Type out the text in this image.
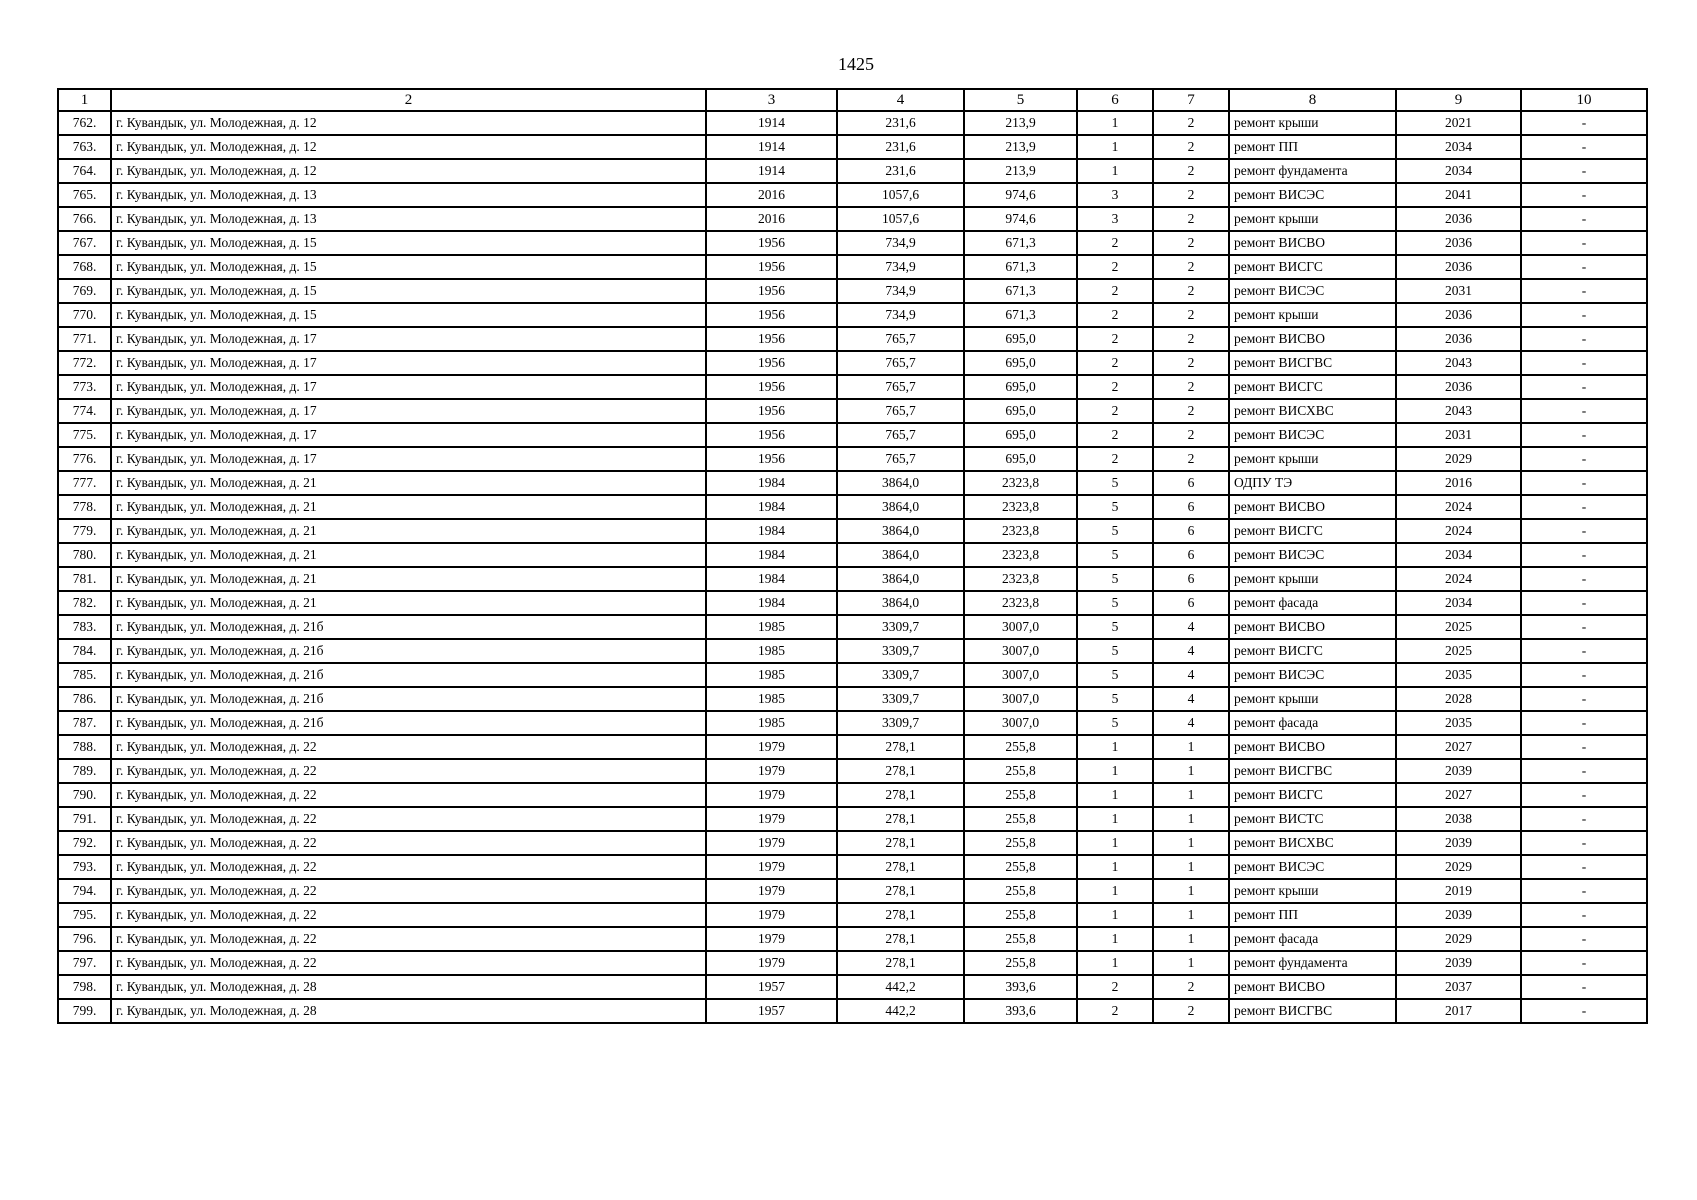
1425
1	2	3	4	5	6	7	8	9	10
762.	г. Кувандык, ул. Молодежная, д. 12	1914	231,6	213,9	1	2	ремонт крыши	2021	-
763.	г. Кувандык, ул. Молодежная, д. 12	1914	231,6	213,9	1	2	ремонт ПП	2034	-
764.	г. Кувандык, ул. Молодежная, д. 12	1914	231,6	213,9	1	2	ремонт фундамента	2034	-
765.	г. Кувандык, ул. Молодежная, д. 13	2016	1057,6	974,6	3	2	ремонт ВИСЭС	2041	-
766.	г. Кувандык, ул. Молодежная, д. 13	2016	1057,6	974,6	3	2	ремонт крыши	2036	-
767.	г. Кувандык, ул. Молодежная, д. 15	1956	734,9	671,3	2	2	ремонт ВИСВО	2036	-
768.	г. Кувандык, ул. Молодежная, д. 15	1956	734,9	671,3	2	2	ремонт ВИСГС	2036	-
769.	г. Кувандык, ул. Молодежная, д. 15	1956	734,9	671,3	2	2	ремонт ВИСЭС	2031	-
770.	г. Кувандык, ул. Молодежная, д. 15	1956	734,9	671,3	2	2	ремонт крыши	2036	-
771.	г. Кувандык, ул. Молодежная, д. 17	1956	765,7	695,0	2	2	ремонт ВИСВО	2036	-
772.	г. Кувандык, ул. Молодежная, д. 17	1956	765,7	695,0	2	2	ремонт ВИСГВС	2043	-
773.	г. Кувандык, ул. Молодежная, д. 17	1956	765,7	695,0	2	2	ремонт ВИСГС	2036	-
774.	г. Кувандык, ул. Молодежная, д. 17	1956	765,7	695,0	2	2	ремонт ВИСХВС	2043	-
775.	г. Кувандык, ул. Молодежная, д. 17	1956	765,7	695,0	2	2	ремонт ВИСЭС	2031	-
776.	г. Кувандык, ул. Молодежная, д. 17	1956	765,7	695,0	2	2	ремонт крыши	2029	-
777.	г. Кувандык, ул. Молодежная, д. 21	1984	3864,0	2323,8	5	6	ОДПУ ТЭ	2016	-
778.	г. Кувандык, ул. Молодежная, д. 21	1984	3864,0	2323,8	5	6	ремонт ВИСВО	2024	-
779.	г. Кувандык, ул. Молодежная, д. 21	1984	3864,0	2323,8	5	6	ремонт ВИСГС	2024	-
780.	г. Кувандык, ул. Молодежная, д. 21	1984	3864,0	2323,8	5	6	ремонт ВИСЭС	2034	-
781.	г. Кувандык, ул. Молодежная, д. 21	1984	3864,0	2323,8	5	6	ремонт крыши	2024	-
782.	г. Кувандык, ул. Молодежная, д. 21	1984	3864,0	2323,8	5	6	ремонт фасада	2034	-
783.	г. Кувандык, ул. Молодежная, д. 21б	1985	3309,7	3007,0	5	4	ремонт ВИСВО	2025	-
784.	г. Кувандык, ул. Молодежная, д. 21б	1985	3309,7	3007,0	5	4	ремонт ВИСГС	2025	-
785.	г. Кувандык, ул. Молодежная, д. 21б	1985	3309,7	3007,0	5	4	ремонт ВИСЭС	2035	-
786.	г. Кувандык, ул. Молодежная, д. 21б	1985	3309,7	3007,0	5	4	ремонт крыши	2028	-
787.	г. Кувандык, ул. Молодежная, д. 21б	1985	3309,7	3007,0	5	4	ремонт фасада	2035	-
788.	г. Кувандык, ул. Молодежная, д. 22	1979	278,1	255,8	1	1	ремонт ВИСВО	2027	-
789.	г. Кувандык, ул. Молодежная, д. 22	1979	278,1	255,8	1	1	ремонт ВИСГВС	2039	-
790.	г. Кувандык, ул. Молодежная, д. 22	1979	278,1	255,8	1	1	ремонт ВИСГС	2027	-
791.	г. Кувандык, ул. Молодежная, д. 22	1979	278,1	255,8	1	1	ремонт ВИСТС	2038	-
792.	г. Кувандык, ул. Молодежная, д. 22	1979	278,1	255,8	1	1	ремонт ВИСХВС	2039	-
793.	г. Кувандык, ул. Молодежная, д. 22	1979	278,1	255,8	1	1	ремонт ВИСЭС	2029	-
794.	г. Кувандык, ул. Молодежная, д. 22	1979	278,1	255,8	1	1	ремонт крыши	2019	-
795.	г. Кувандык, ул. Молодежная, д. 22	1979	278,1	255,8	1	1	ремонт ПП	2039	-
796.	г. Кувандык, ул. Молодежная, д. 22	1979	278,1	255,8	1	1	ремонт фасада	2029	-
797.	г. Кувандык, ул. Молодежная, д. 22	1979	278,1	255,8	1	1	ремонт фундамента	2039	-
798.	г. Кувандык, ул. Молодежная, д. 28	1957	442,2	393,6	2	2	ремонт ВИСВО	2037	-
799.	г. Кувандык, ул. Молодежная, д. 28	1957	442,2	393,6	2	2	ремонт ВИСГВС	2017	-
